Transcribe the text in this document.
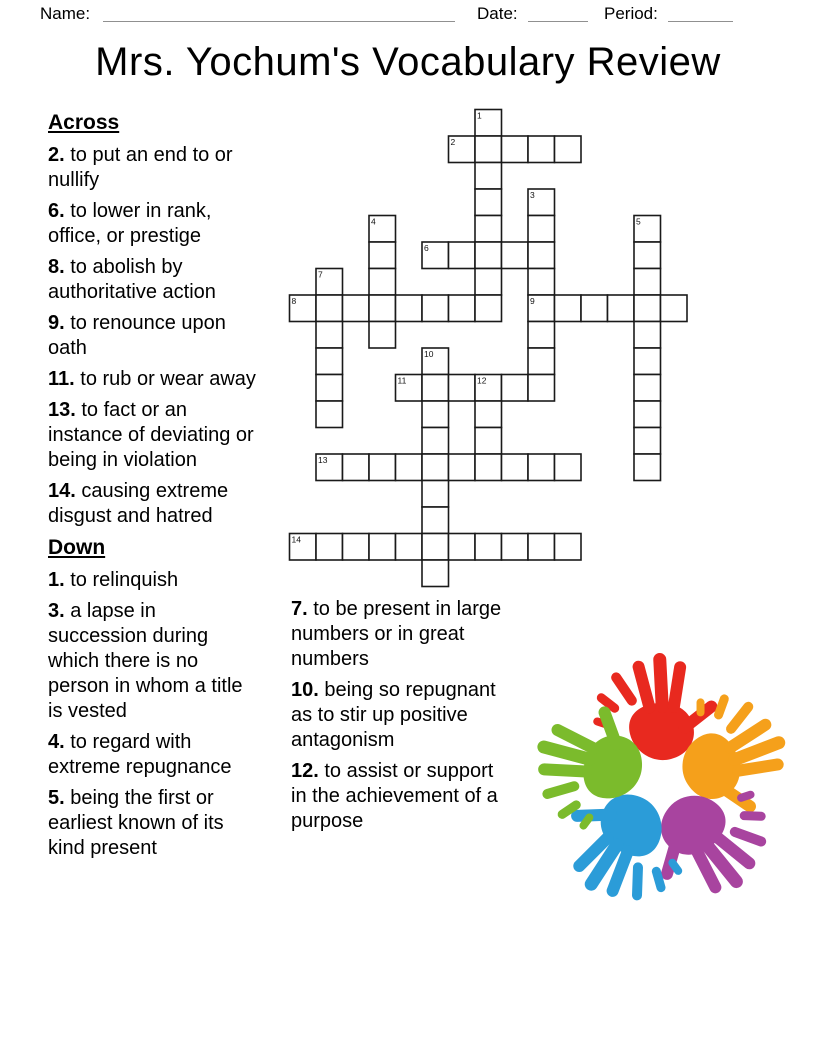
Name:	Date:	Period:
Mrs. Yochum's Vocabulary Review
Across
2. to put an end to or nullify
6. to lower in rank, office, or prestige
8. to abolish by authoritative action
9. to renounce upon oath
11. to rub or wear away
13. to fact or an instance of deviating or being in violation
14. causing extreme disgust and hatred
Down
1. to relinquish
3. a lapse in succession during which there is no person in whom a title is vested
4. to regard with extreme repugnance
5. being the first or earliest known of its kind present
7. to be present in large numbers or in great numbers
10. being so repugnant as to stir up positive antagonism
12. to assist or support in the achievement of a purpose
1
2
3
4	5
6
7
8	9
10
11	12
13
14
